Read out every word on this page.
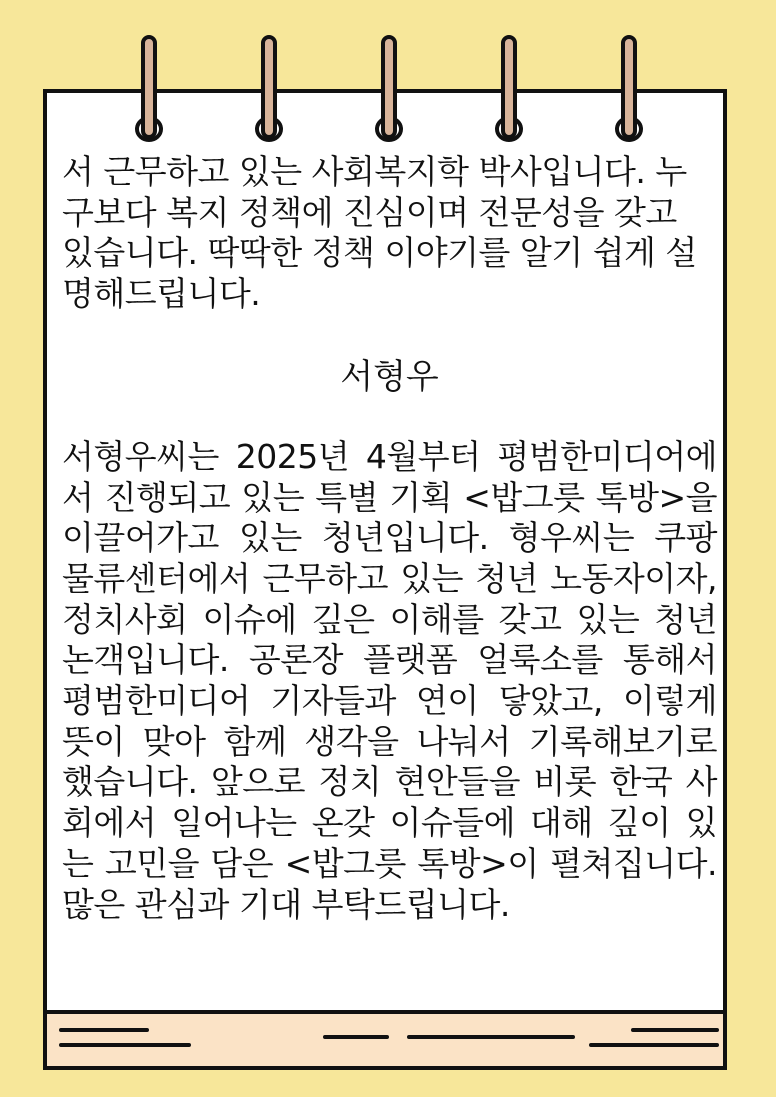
서 근무하고 있는 사회복지학 박사입니다. 누구보다 복지 정책에 진심이며 전문성을 갖고 있습니다. 딱딱한 정책 이야기를 알기 쉽게 설명해드립니다.

서형우

서형우씨는 2025년 4월부터 평범한미디어에서 진행되고 있는 특별 기획 <밥그릇 톡방>을 이끌어가고 있는 청년입니다. 형우씨는 쿠팡 물류센터에서 근무하고 있는 청년 노동자이자, 정치사회 이슈에 깊은 이해를 갖고 있는 청년 논객입니다. 공론장 플랫폼 얼룩소를 통해서 평범한미디어 기자들과 연이 닿았고, 이렇게 뜻이 맞아 함께 생각을 나눠서 기록해보기로 했습니다. 앞으로 정치 현안들을 비롯 한국 사회에서 일어나는 온갖 이슈들에 대해 깊이 있는 고민을 담은 <밥그릇 톡방>이 펼쳐집니다. 많은 관심과 기대 부탁드립니다.
